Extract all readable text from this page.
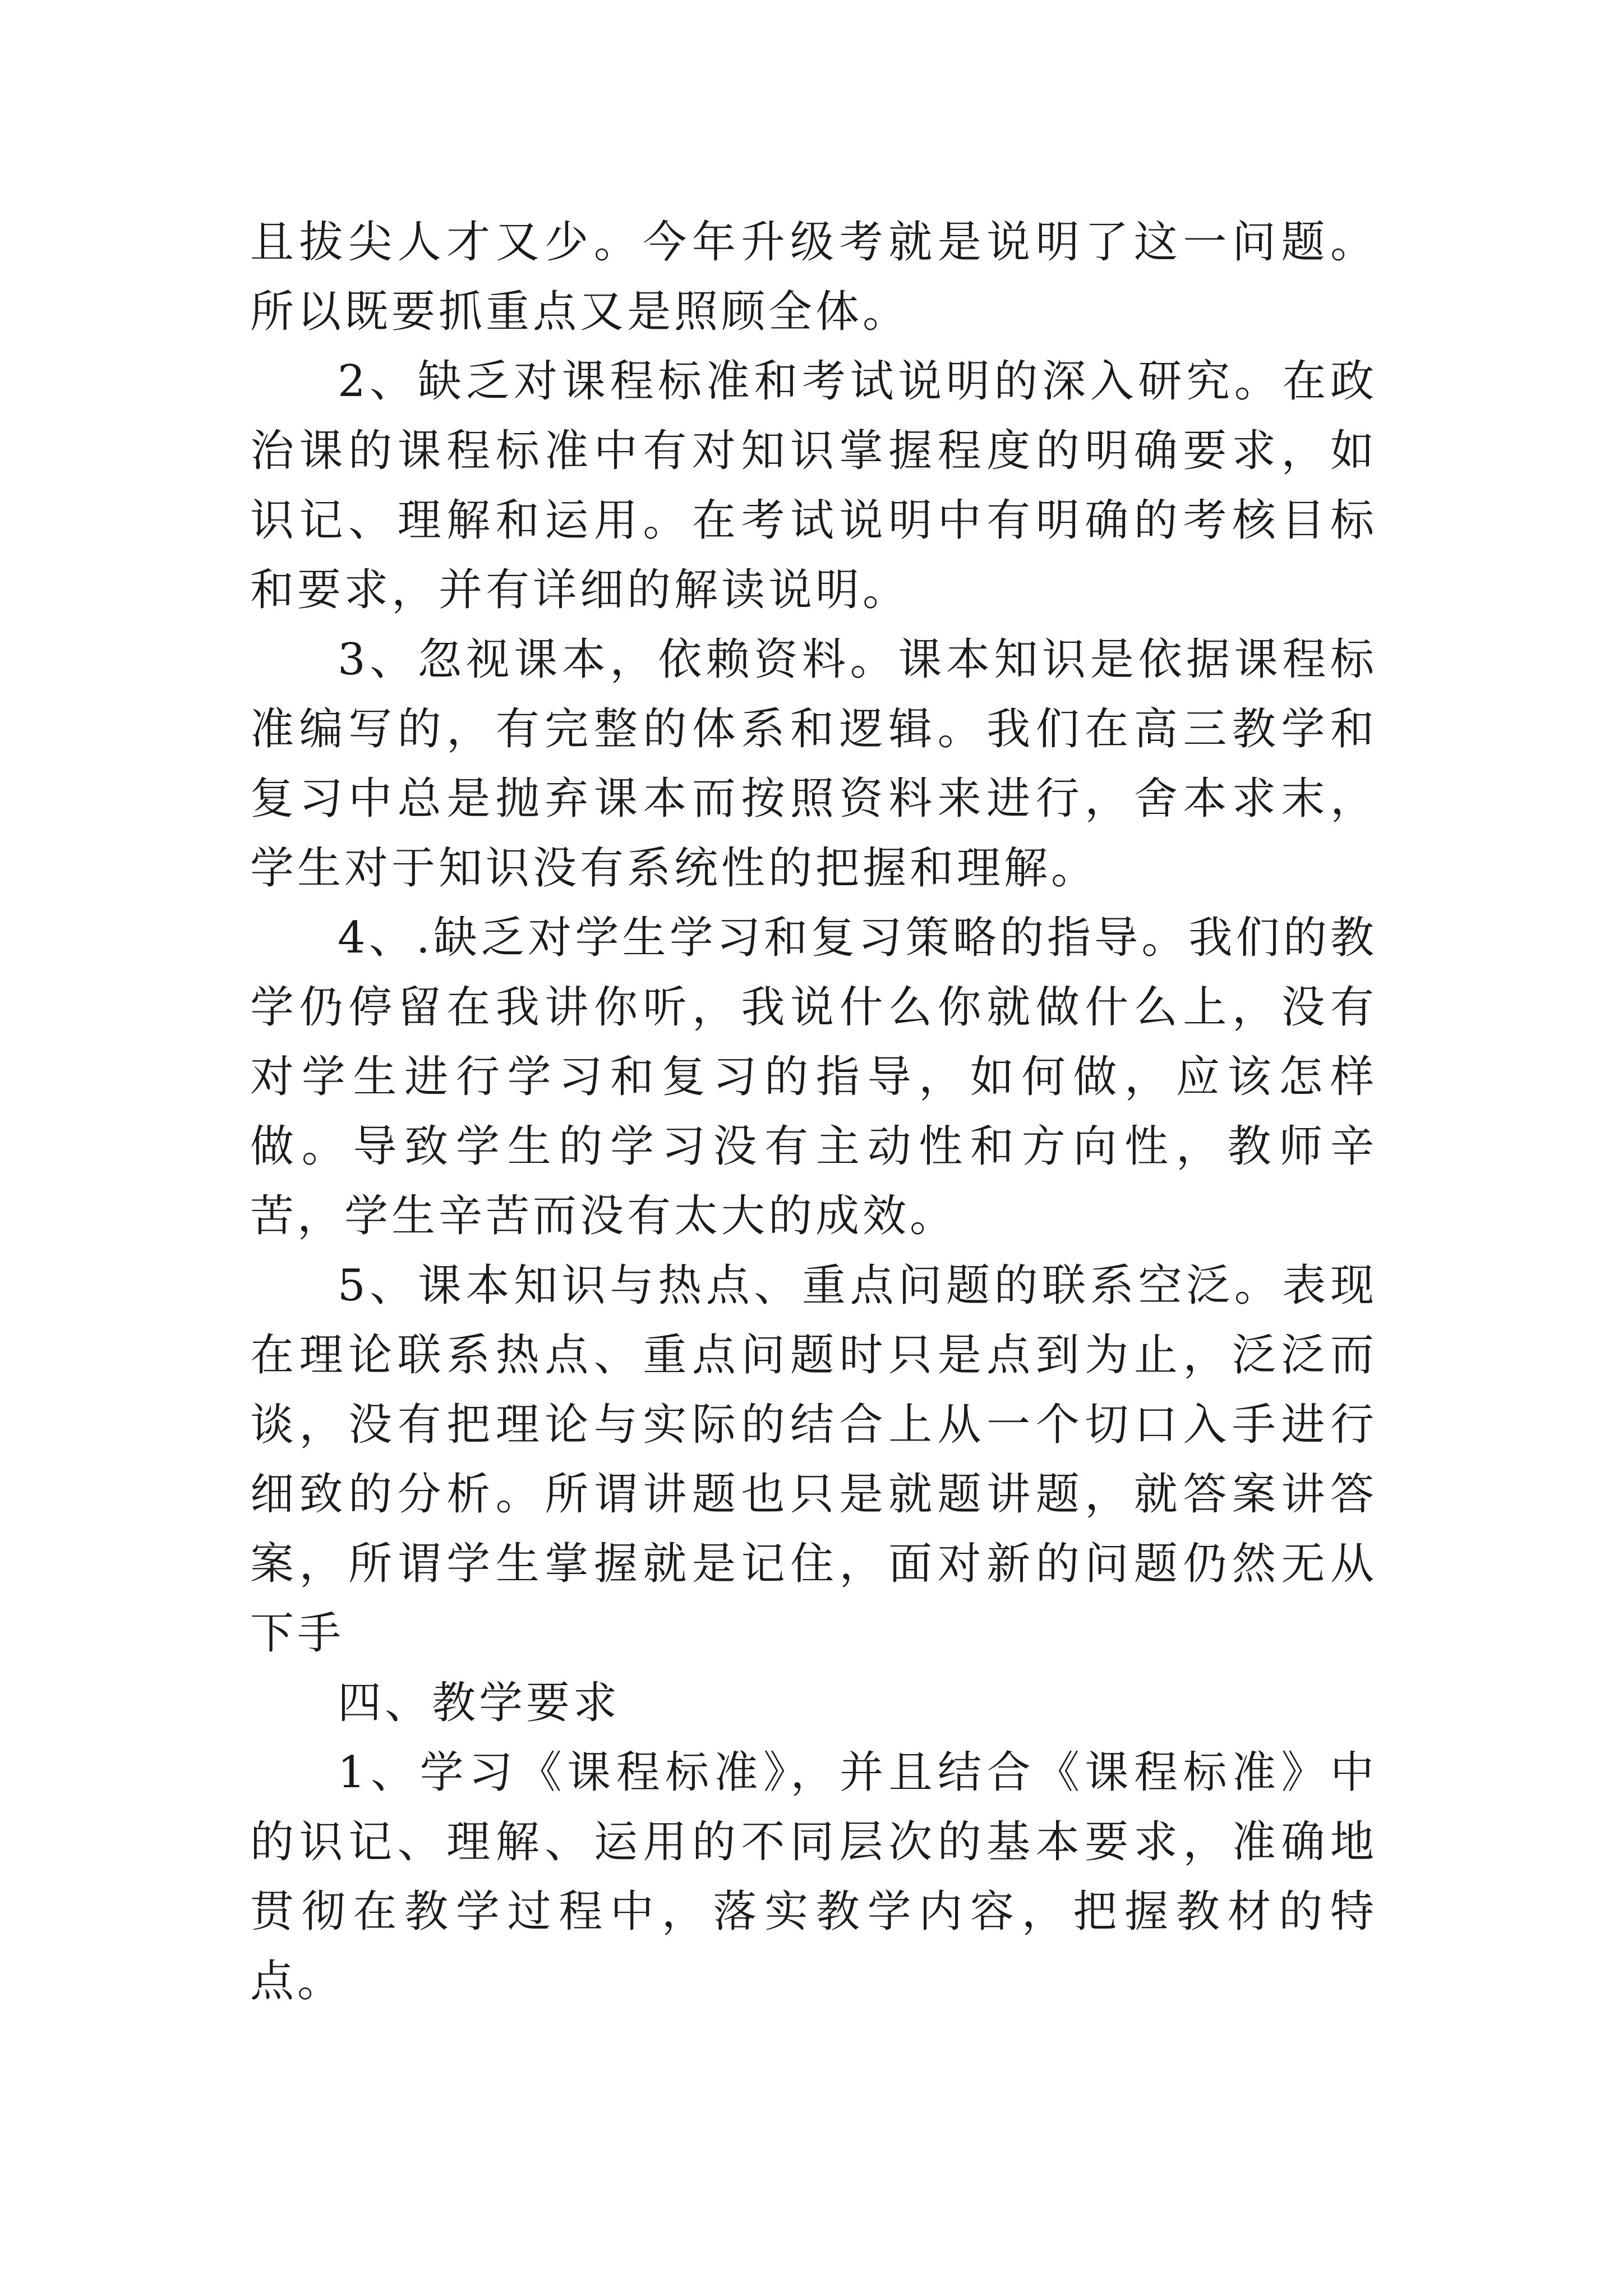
且拔尖人才又少。今年升级考就是说明了这一问题。所以既要抓重点又是照顾全体。

2、缺乏对课程标准和考试说明的深入研究。在政治课的课程标准中有对知识掌握程度的明确要求，如识记、理解和运用。在考试说明中有明确的考核目标和要求，并有详细的解读说明。

3、忽视课本，依赖资料。课本知识是依据课程标准编写的，有完整的体系和逻辑。我们在高三教学和复习中总是抛弃课本而按照资料来进行，舍本求末，学生对于知识没有系统性的把握和理解。

4、.缺乏对学生学习和复习策略的指导。我们的教学仍停留在我讲你听，我说什么你就做什么上，没有对学生进行学习和复习的指导，如何做，应该怎样做。导致学生的学习没有主动性和方向性，教师辛苦，学生辛苦而没有太大的成效。

5、课本知识与热点、重点问题的联系空泛。表现在理论联系热点、重点问题时只是点到为止，泛泛而谈，没有把理论与实际的结合上从一个切口入手进行细致的分析。所谓讲题也只是就题讲题，就答案讲答案，所谓学生掌握就是记住，面对新的问题仍然无从下手

四、教学要求

1、学习《课程标准》，并且结合《课程标准》中的识记、理解、运用的不同层次的基本要求，准确地贯彻在教学过程中，落实教学内容，把握教材的特点。
